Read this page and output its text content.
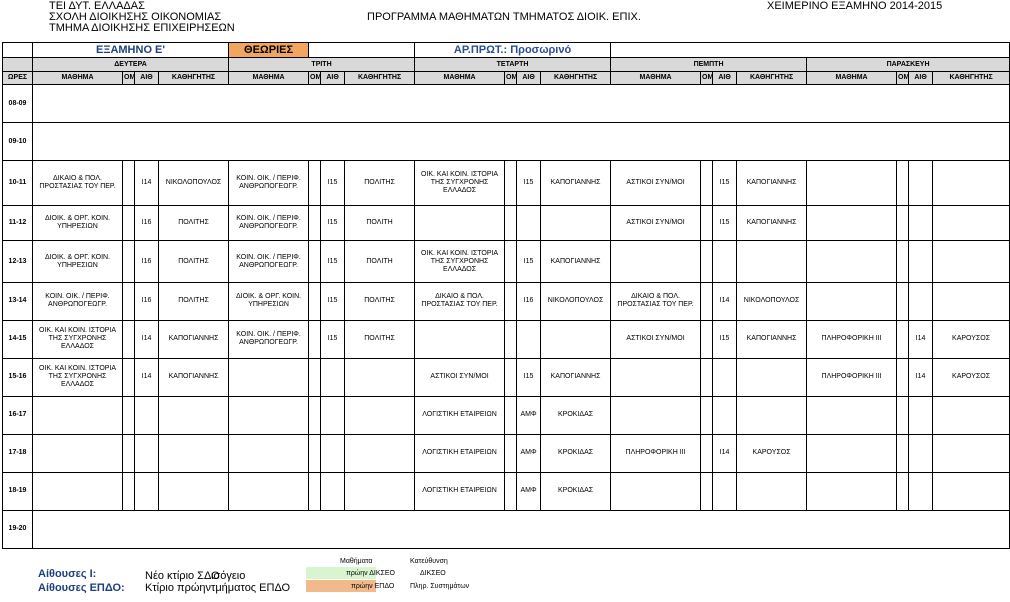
ΤΕΙ ΔΥΤ. ΕΛΛΑΔΑΣ
ΣΧΟΛΗ ΔΙΟΙΚΗΣΗΣ ΟΙΚΟΝΟΜΙΑΣ
ΤΜΗΜΑ ΔΙΟΙΚΗΣΗΣ ΕΠΙΧΕΙΡΗΣΕΩΝ
ΠΡΟΓΡΑΜΜΑ ΜΑΘΗΜΑΤΩΝ ΤΜΗΜΑΤΟΣ ΔΙΟΙΚ. ΕΠΙΧ.
ΧΕΙΜΕΡΙΝΟ ΕΞΑΜΗΝΟ 2014-2015
	ΕΞΑΜΗΝΟ Ε'				ΘΕΩΡΙΕΣ				ΑΡ.ΠΡΩΤ.: Προσωρινό											
	ΔΕΥΤΕΡΑ				ΤΡΙΤΗ				ΤΕΤΑΡΤΗ				ΠΕΜΠΤΗ				ΠΑΡΑΣΚΕΥΗ			
ΩΡΕΣ	ΜΑΘΗΜΑ	ΟΜ	ΑΙΘ	ΚΑΘΗΓΗΤΗΣ	ΜΑΘΗΜΑ	ΟΜ	ΑΙΘ	ΚΑΘΗΓΗΤΗΣ	ΜΑΘΗΜΑ	ΟΜ	ΑΙΘ	ΚΑΘΗΓΗΤΗΣ	ΜΑΘΗΜΑ	ΟΜ	ΑΙΘ	ΚΑΘΗΓΗΤΗΣ	ΜΑΘΗΜΑ	ΟΜ	ΑΙΘ	ΚΑΘΗΓΗΤΗΣ
08-09																				
09-10																				
10-11	ΔΙΚΑΙΟ & ΠΟΛ. ΠΡΟΣΤΑΣΙΑΣ ΤΟΥ ΠΕΡ.		Ι14	ΝΙΚΟΛΟΠΟΥΛΟΣ	ΚΟΙΝ. ΟΙΚ. / ΠΕΡΙΦ. ΑΝΘΡΩΠΟΓΕΩΓΡ.		Ι15	ΠΟΛΙΤΗΣ	ΟΙΚ. ΚΑΙ ΚΟΙΝ. ΙΣΤΟΡΙΑ ΤΗΣ ΣΥΓΧΡΟΝΗΣ ΕΛΛΑΔΟΣ		Ι15	ΚΑΠΟΓΙΑΝΝΗΣ	ΑΣΤΙΚΟΙ ΣΥΝ/ΜΟΙ		Ι15	ΚΑΠΟΓΙΑΝΝΗΣ				
11-12	ΔΙΟΙΚ. & ΟΡΓ. ΚΟΙΝ. ΥΠΗΡΕΣΙΩΝ		Ι16	ΠΟΛΙΤΗΣ	ΚΟΙΝ. ΟΙΚ. / ΠΕΡΙΦ. ΑΝΘΡΩΠΟΓΕΩΓΡ.		Ι15	ΠΟΛΙΤΗ					ΑΣΤΙΚΟΙ ΣΥΝ/ΜΟΙ		Ι15	ΚΑΠΟΓΙΑΝΝΗΣ				
12-13	ΔΙΟΙΚ. & ΟΡΓ. ΚΟΙΝ. ΥΠΗΡΕΣΙΩΝ		Ι16	ΠΟΛΙΤΗΣ	ΚΟΙΝ. ΟΙΚ. / ΠΕΡΙΦ. ΑΝΘΡΩΠΟΓΕΩΓΡ.		Ι15	ΠΟΛΙΤΗ	ΟΙΚ. ΚΑΙ ΚΟΙΝ. ΙΣΤΟΡΙΑ ΤΗΣ ΣΥΓΧΡΟΝΗΣ ΕΛΛΑΔΟΣ		Ι15	ΚΑΠΟΓΙΑΝΝΗΣ								
13-14	ΚΟΙΝ. ΟΙΚ. / ΠΕΡΙΦ. ΑΝΘΡΩΠΟΓΕΩΓΡ.		Ι16	ΠΟΛΙΤΗΣ	ΔΙΟΙΚ. & ΟΡΓ. ΚΟΙΝ. ΥΠΗΡΕΣΙΩΝ		Ι15	ΠΟΛΙΤΗΣ	ΔΙΚΑΙΟ & ΠΟΛ. ΠΡΟΣΤΑΣΙΑΣ ΤΟΥ ΠΕΡ.		Ι16	ΝΙΚΟΛΟΠΟΥΛΟΣ	ΔΙΚΑΙΟ & ΠΟΛ. ΠΡΟΣΤΑΣΙΑΣ ΤΟΥ ΠΕΡ.		Ι14	ΝΙΚΟΛΟΠΟΥΛΟΣ				
14-15	ΟΙΚ. ΚΑΙ ΚΟΙΝ. ΙΣΤΟΡΙΑ ΤΗΣ ΣΥΓΧΡΟΝΗΣ ΕΛΛΑΔΟΣ		Ι14	ΚΑΠΟΓΙΑΝΝΗΣ	ΚΟΙΝ. ΟΙΚ. / ΠΕΡΙΦ. ΑΝΘΡΩΠΟΓΕΩΓΡ.		Ι15	ΠΟΛΙΤΗΣ					ΑΣΤΙΚΟΙ ΣΥΝ/ΜΟΙ		Ι15	ΚΑΠΟΓΙΑΝΝΗΣ	ΠΛΗΡΟΦΟΡΙΚΗ ΙΙΙ		Ι14	ΚΑΡΟΥΣΟΣ
15-16	ΟΙΚ. ΚΑΙ ΚΟΙΝ. ΙΣΤΟΡΙΑ ΤΗΣ ΣΥΓΧΡΟΝΗΣ ΕΛΛΑΔΟΣ		Ι14	ΚΑΠΟΓΙΑΝΝΗΣ					ΑΣΤΙΚΟΙ ΣΥΝ/ΜΟΙ		Ι15	ΚΑΠΟΓΙΑΝΝΗΣ					ΠΛΗΡΟΦΟΡΙΚΗ ΙΙΙ		Ι14	ΚΑΡΟΥΣΟΣ
16-17									ΛΟΓΙΣΤΙΚΗ ΕΤΑΙΡΕΙΩΝ		ΑΜΦ	ΚΡΟΚΙΔΑΣ								
17-18									ΛΟΓΙΣΤΙΚΗ ΕΤΑΙΡΕΙΩΝ		ΑΜΦ	ΚΡΟΚΙΔΑΣ	ΠΛΗΡΟΦΟΡΙΚΗ ΙΙΙ		Ι14	ΚΑΡΟΥΣΟΣ				
18-19									ΛΟΓΙΣΤΙΚΗ ΕΤΑΙΡΕΙΩΝ		ΑΜΦ	ΚΡΟΚΙΔΑΣ								
19-20																				
Αίθουσες Ι:	Νέο κτίριο ΣΔΟ
ισόγειο
Αίθουσες ΕΠΔΟ: Κτίριο πρώην τμήματος ΕΠΔΟ
Μαθήματα	Κατεύθυνση
πρώην ΔΙΚΣΕΟ	ΔΙΚΣΕΟ
πρώην ΕΠΔΟ Πληρ. Συστημάτων
